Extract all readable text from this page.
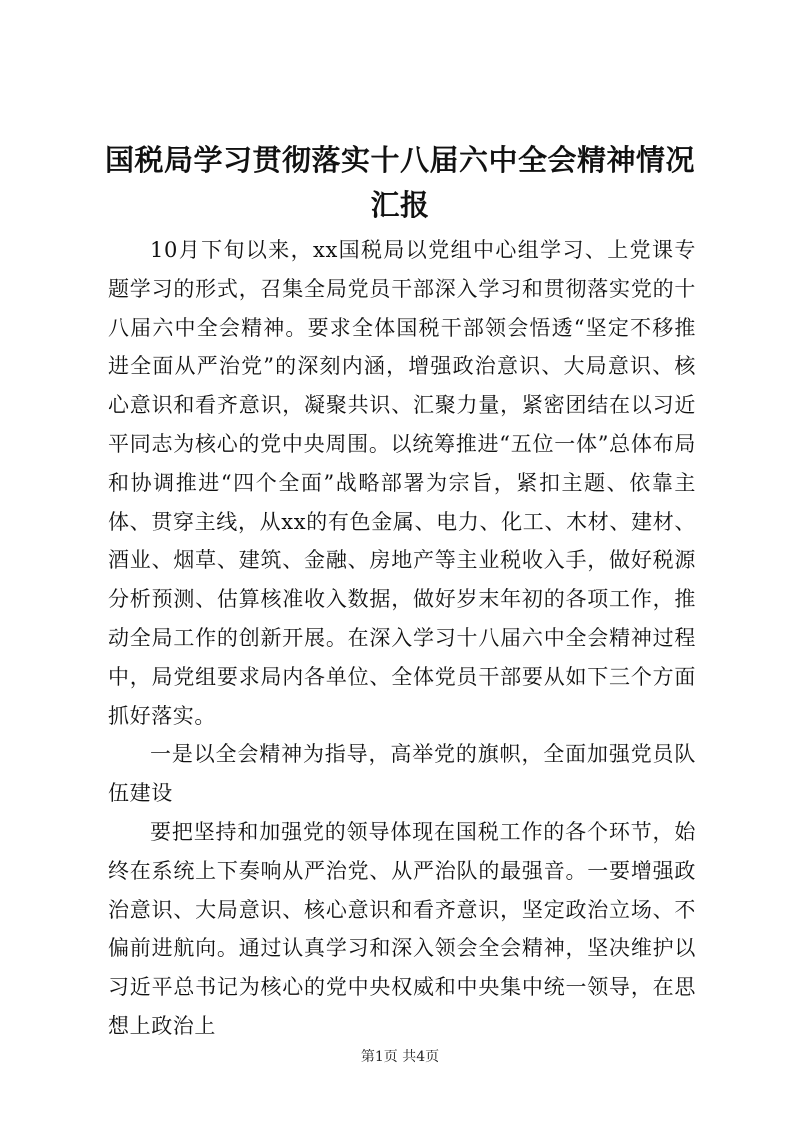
国税局学习贯彻落实十八届六中全会精神情况汇报

10月下旬以来，xx国税局以党组中心组学习、上党课专题学习的形式，召集全局党员干部深入学习和贯彻落实党的十八届六中全会精神。要求全体国税干部领会悟透“坚定不移推进全面从严治党”的深刻内涵，增强政治意识、大局意识、核心意识和看齐意识，凝聚共识、汇聚力量，紧密团结在以习近平同志为核心的党中央周围。以统筹推进“五位一体”总体布局和协调推进“四个全面”战略部署为宗旨，紧扣主题、依靠主体、贯穿主线，从xx的有色金属、电力、化工、木材、建材、酒业、烟草、建筑、金融、房地产等主业税收入手，做好税源分析预测、估算核准收入数据，做好岁末年初的各项工作，推动全局工作的创新开展。在深入学习十八届六中全会精神过程中，局党组要求局内各单位、全体党员干部要从如下三个方面抓好落实。

一是以全会精神为指导，高举党的旗帜，全面加强党员队伍建设

要把坚持和加强党的领导体现在国税工作的各个环节，始终在系统上下奏响从严治党、从严治队的最强音。一要增强政治意识、大局意识、核心意识和看齐意识，坚定政治立场、不偏前进航向。通过认真学习和深入领会全会精神，坚决维护以习近平总书记为核心的党中央权威和中央集中统一领导，在思想上政治上

第1页 共4页
